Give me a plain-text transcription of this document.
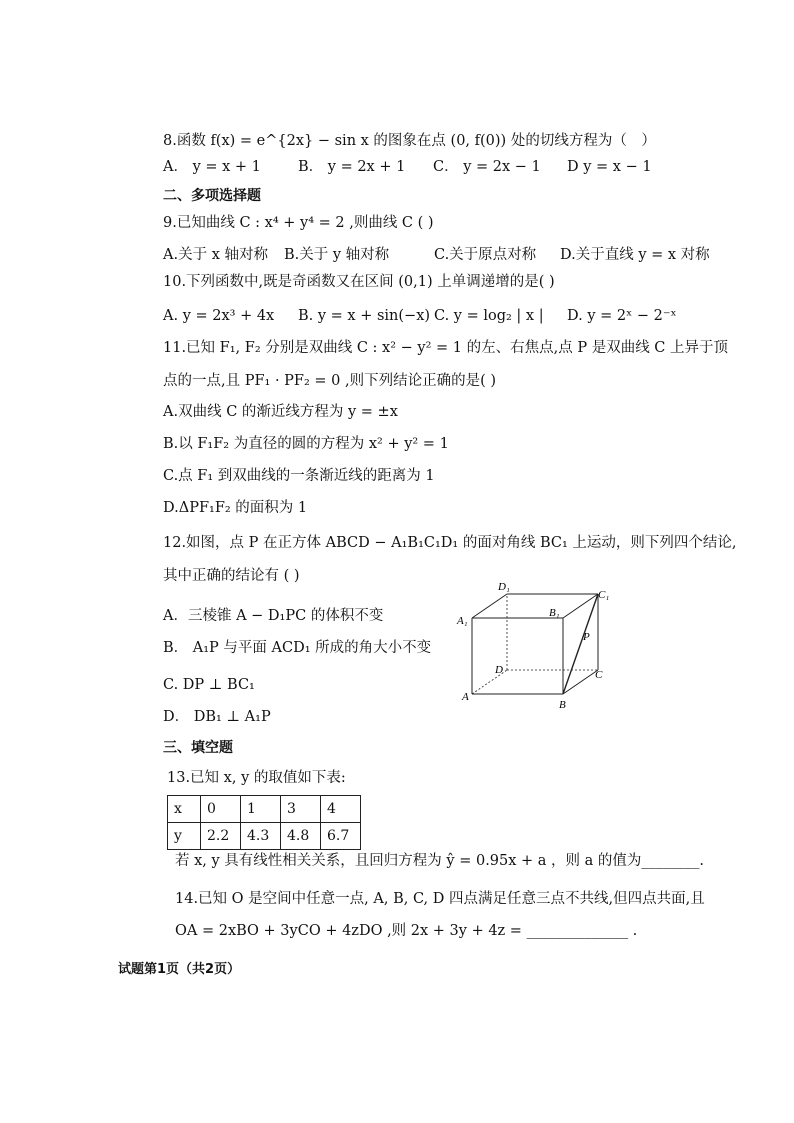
8.函数 f(x) = e^{2x} − sin x 的图象在点 (0, f(0)) 处的切线方程为（　）
A． y = x + 1	B． y = 2x + 1 C． y = 2x − 1 D y = x − 1
二、多项选择题
9.已知曲线 C : x⁴ + y⁴ = 2 ,则曲线 C ( )
A.关于 x 轴对称 B.关于 y 轴对称	C.关于原点对称 D.关于直线 y = x 对称
10.下列函数中,既是奇函数又在区间 (0,1) 上单调递增的是( )
A. y = 2x³ + 4x B. y = x + sin(−x) C. y = log₂ | x | D. y = 2ˣ − 2⁻ˣ
11.已知 F₁, F₂ 分别是双曲线 C : x² − y² = 1 的左、右焦点,点 P 是双曲线 C 上异于顶
点的一点,且 PF₁ · PF₂ = 0 ,则下列结论正确的是( )
A.双曲线 C 的渐近线方程为 y = ±x
B.以 F₁F₂ 为直径的圆的方程为 x² + y² = 1
C.点 F₁ 到双曲线的一条渐近线的距离为 1
D.ΔPF₁F₂ 的面积为 1
12.如图，点 P 在正方体 ABCD − A₁B₁C₁D₁ 的面对角线 BC₁ 上运动，则下列四个结论,
其中正确的结论有 ( )
A．三棱锥 A − D₁PC 的体积不变
B． A₁P 与平面 ACD₁ 所成的角大小不变
C. DP ⊥ BC₁
D． DB₁ ⊥ A₁P
D₁
C₁
A₁
B₁
P
D	C
A
B
三、填空题
13.已知 x, y 的取值如下表:
x	0	1	3	4
y	2.2	4.3	4.8	6.7
若 x, y 具有线性相关关系，且回归方程为 ŷ = 0.95x + a ，则 a 的值为________.
14.已知 O 是空间中任意一点, A, B, C, D 四点满足任意三点不共线,但四点共面,且
OA = 2xBO + 3yCO + 4zDO ,则 2x + 3y + 4z = ______________ .
试题第1页（共2页）
